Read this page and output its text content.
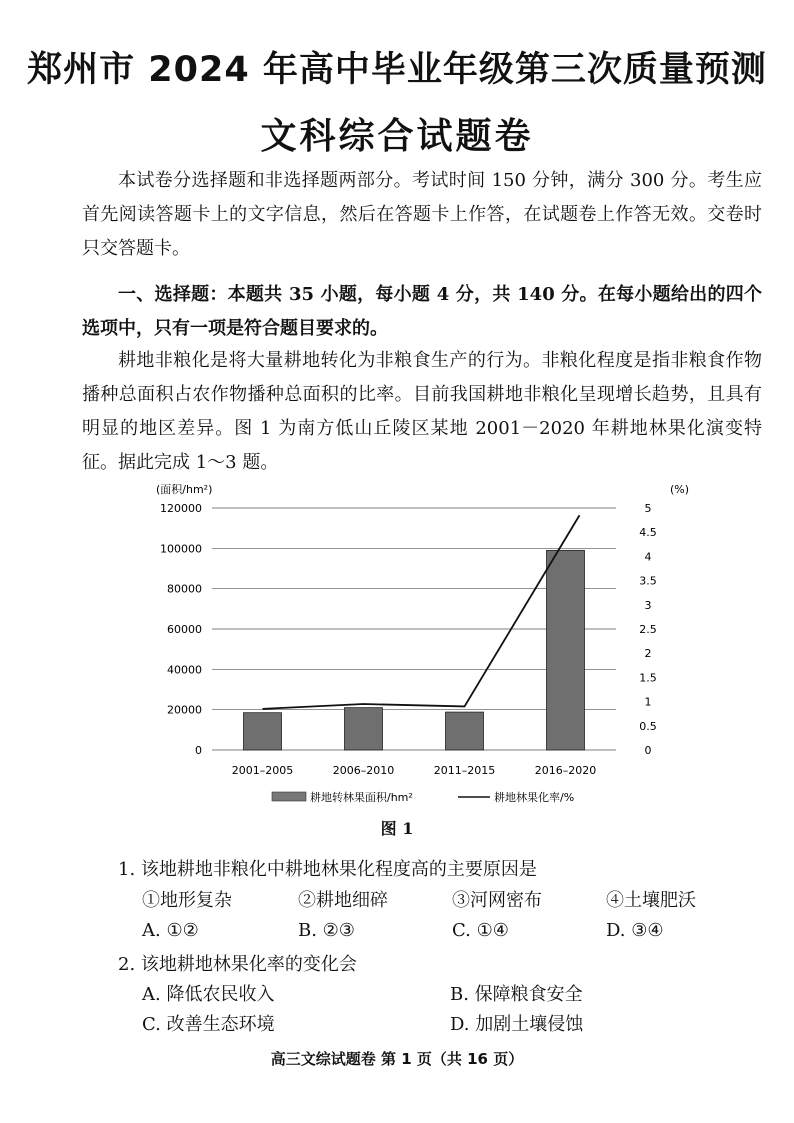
郑州市 2024 年高中毕业年级第三次质量预测
文科综合试题卷

本试卷分选择题和非选择题两部分。考试时间 150 分钟，满分 300 分。考生应首先阅读答题卡上的文字信息，然后在答题卡上作答，在试题卷上作答无效。交卷时只交答题卡。

一、选择题：本题共 35 小题，每小题 4 分，共 140 分。在每小题给出的四个选项中，只有一项是符合题目要求的。

耕地非粮化是将大量耕地转化为非粮食生产的行为。非粮化程度是指非粮食作物播种总面积占农作物播种总面积的比率。目前我国耕地非粮化呈现增长趋势，且具有明显的地区差异。图 1 为南方低山丘陵区某地 2001－2020 年耕地林果化演变特征。据此完成 1～3 题。

(面积/hm²)	(%)
0
20000
40000
60000
80000
100000
120000
0
0.5
1
1.5
2
2.5
3
3.5
4
4.5
5
2001–2005	2006–2010	2011–2015	2016–2020
耕地转林果面积/hm²	耕地林果化率/%
图 1
1. 该地耕地非粮化中耕地林果化程度高的主要原因是
①地形复杂	②耕地细碎	③河网密布	④土壤肥沃
A. ①②	B. ②③	C. ①④	D. ③④
2. 该地耕地林果化率的变化会
A. 降低农民收入	B. 保障粮食安全
C. 改善生态环境	D. 加剧土壤侵蚀
高三文综试题卷 第 1 页（共 16 页）
